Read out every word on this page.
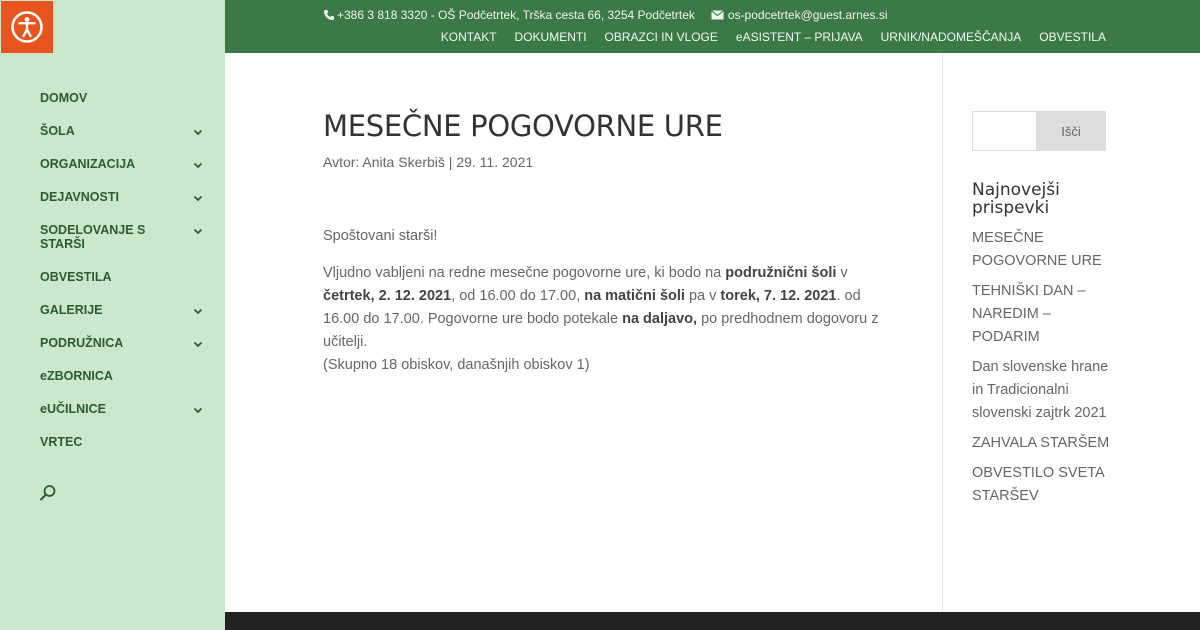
DOMOV
ŠOLA
ORGANIZACIJA
DEJAVNOSTI
SODELOVANJE S STARŠI
OBVESTILA
GALERIJE
PODRUŽNICA
eZBORNICA
eUČILNICE
VRTEC
+386 3 818 3320 - OŠ Podčetrtek, Trška cesta 66, 3254 Podčetrtek	os-podcetrtek@guest.arnes.si
KONTAKT DOKUMENTI OBRAZCI IN VLOGE eASISTENT – PRIJAVA URNIK/NADOMEŠČANJA OBVESTILA
MESEČNE POGOVORNE URE
Avtor: Anita Skerbiš | 29. 11. 2021

Spoštovani starši!

Vljudno vabljeni na redne mesečne pogovorne ure, ki bodo na podružnični šoli v četrtek, 2. 12. 2021, od 16.00 do 17.00, na matični šoli pa v torek, 7. 12. 2021. od 16.00 do 17.00. Pogovorne ure bodo potekale na daljavo, po predhodnem dogovoru z učitelji.

(Skupno 18 obiskov, današnjih obiskov 1)

Išči
Najnovejši prispevki
MESEČNE POGOVORNE URE
TEHNIŠKI DAN – NAREDIM – PODARIM
Dan slovenske hrane in Tradicionalni slovenski zajtrk 2021
ZAHVALA STARŠEM
OBVESTILO SVETA STARŠEV
